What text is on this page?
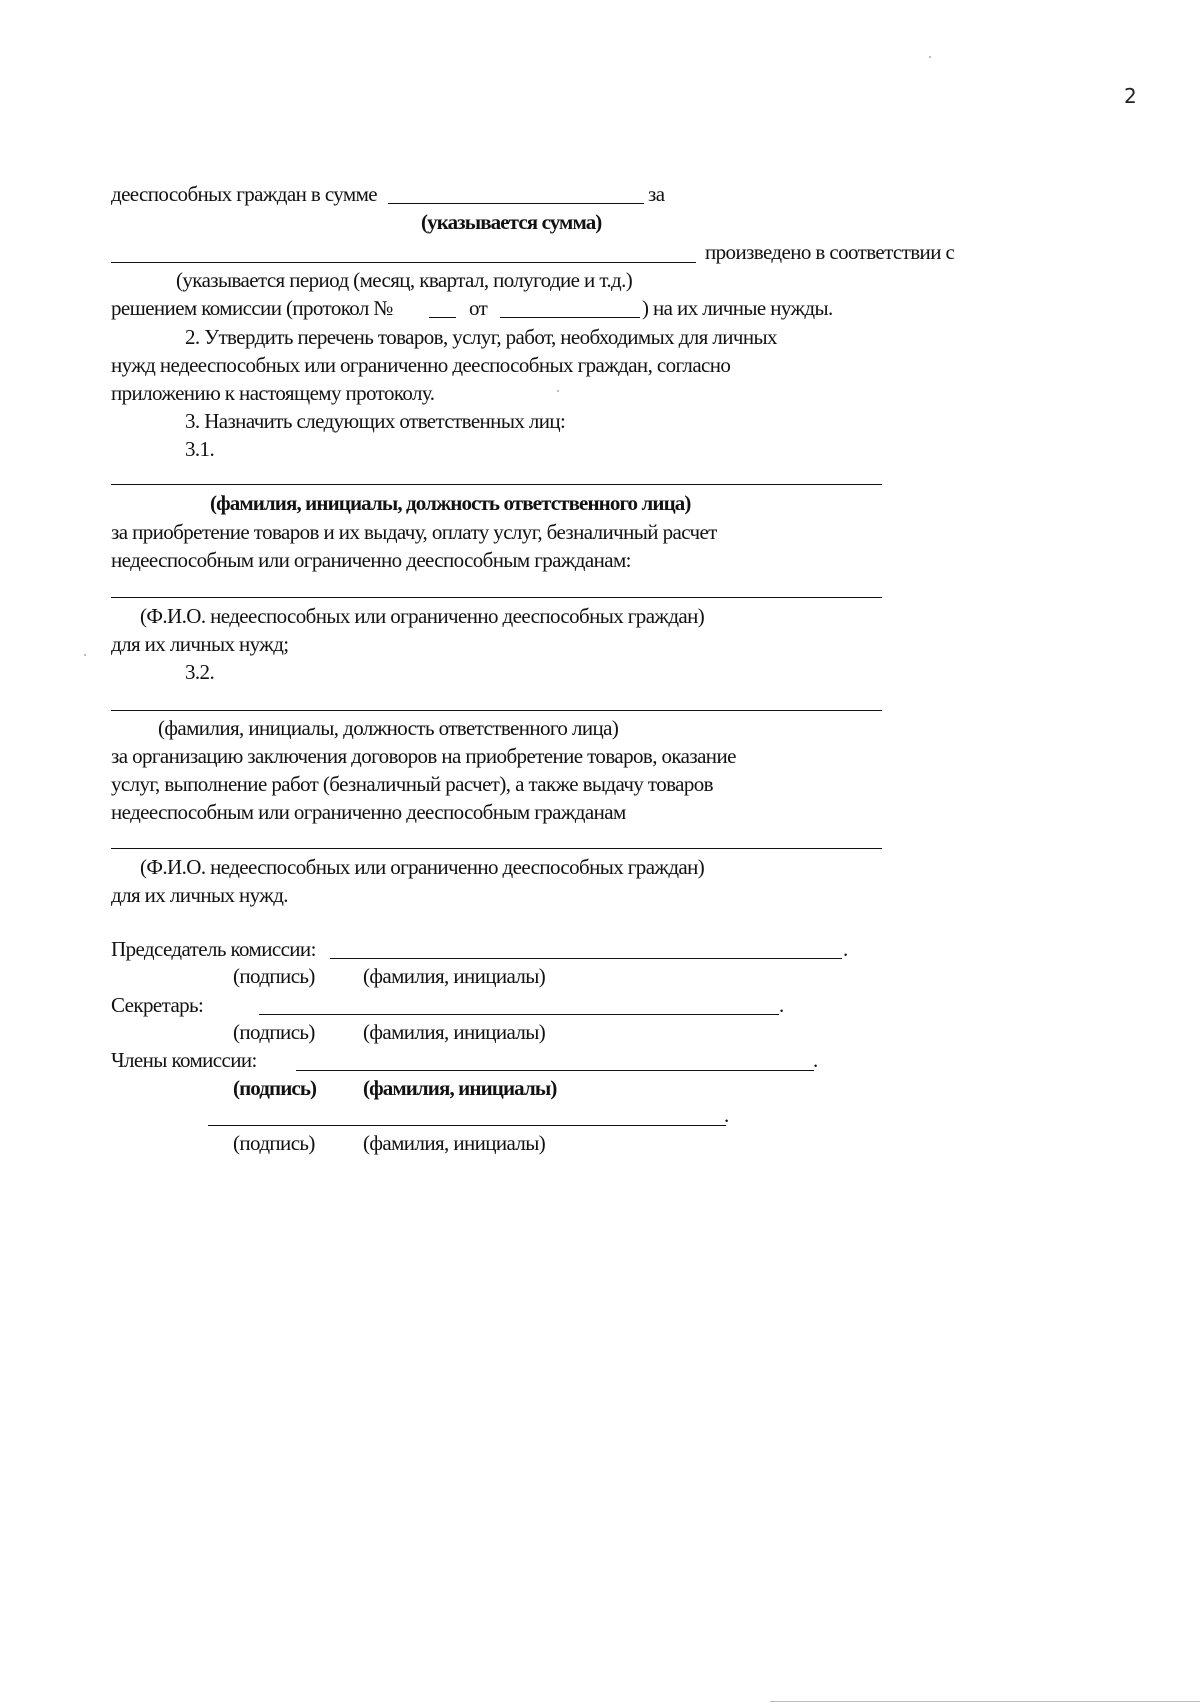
2
дееспособных граждан в сумме	за
(указывается сумма)
произведено в соответствии с
(указывается период (месяц, квартал, полугодие и т.д.)
решением комиссии (протокол №	от	) на их личные нужды.
2. Утвердить перечень товаров, услуг, работ, необходимых для личных
нужд недееспособных или ограниченно дееспособных граждан, согласно
приложению к настоящему протоколу.
3. Назначить следующих ответственных лиц:
3.1.
(фамилия, инициалы, должность ответственного лица)
за приобретение товаров и их выдачу, оплату услуг, безналичный расчет
недееспособным или ограниченно дееспособным гражданам:
(Ф.И.О. недееспособных или ограниченно дееспособных граждан)
для их личных нужд;
3.2.
(фамилия, инициалы, должность ответственного лица)
за организацию заключения договоров на приобретение товаров, оказание
услуг, выполнение работ (безналичный расчет), а также выдачу товаров
недееспособным или ограниченно дееспособным гражданам
(Ф.И.О. недееспособных или ограниченно дееспособных граждан)
для их личных нужд.
Председатель комиссии:	.
(подпись) (фамилия, инициалы)
Секретарь:	.
(подпись) (фамилия, инициалы)
Члены комиссии:	.
(подпись) (фамилия, инициалы)
.
(подпись) (фамилия, инициалы)
